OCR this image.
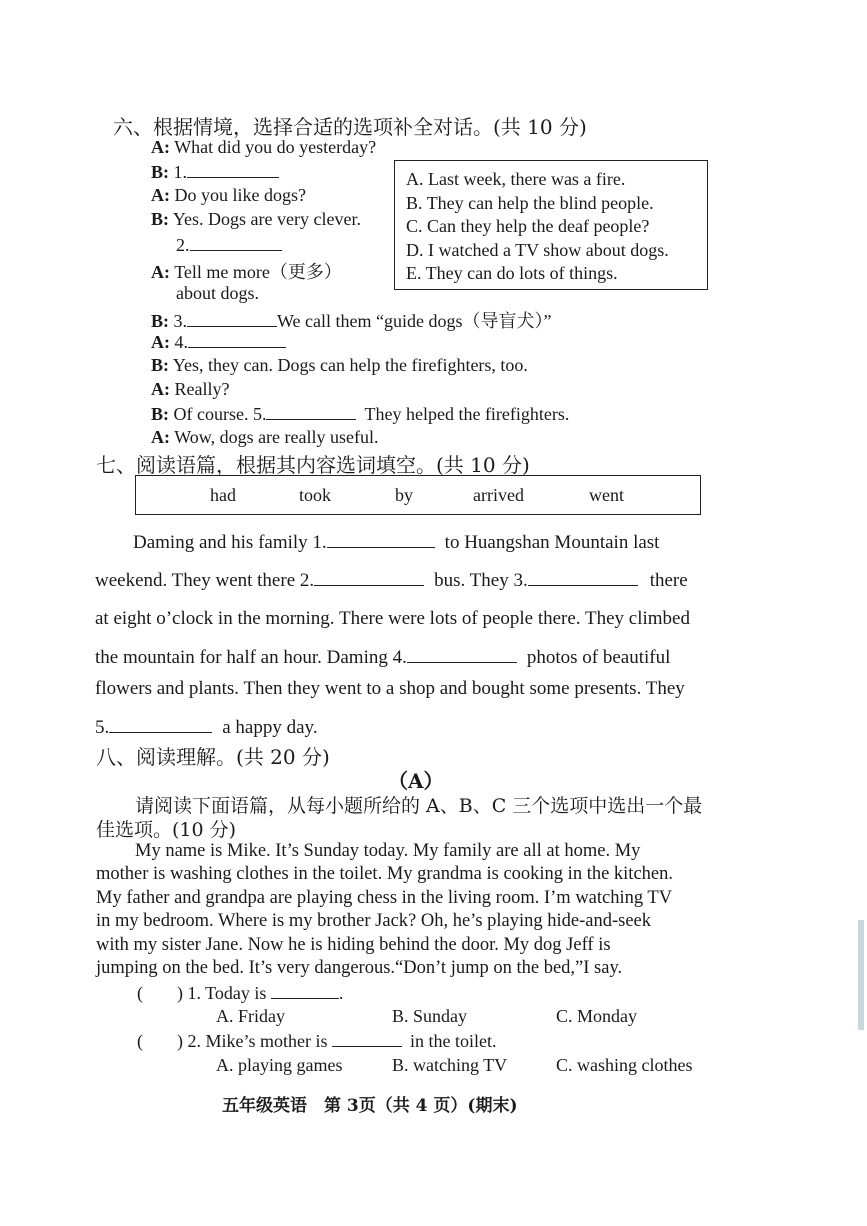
六、根据情境，选择合适的选项补全对话。(共 10 分)
A: What did you do yesterday?
B: 1.
A: Do you like dogs?
B: Yes. Dogs are very clever.
2.
A: Tell me more（更多）
about dogs.
B: 3.	We call them “guide dogs（导盲犬）”
A: 4.
B: Yes, they can. Dogs can help the firefighters, too.
A: Really?
B: Of course. 5.	They helped the firefighters.
A: Wow, dogs are really useful.
A. Last week, there was a fire.
B. They can help the blind people.
C. Can they help the deaf people?
D. I watched a TV show about dogs.
E. They can do lots of things.
七、阅读语篇，根据其内容选词填空。(共 10 分)
had	took	by	arrived	went
Daming and his family 1.	to Huangshan Mountain last
weekend. They went there 2.	bus. They 3.	there
at eight o’clock in the morning. There were lots of people there. They climbed
the mountain for half an hour. Daming 4.	photos of beautiful
flowers and plants. Then they went to a shop and bought some presents. They
5.	a happy day.
八、阅读理解。(共 20 分)
（A）
请阅读下面语篇，从每小题所给的 A、B、C 三个选项中选出一个最
佳选项。(10 分)
My name is Mike. It’s Sunday today. My family are all at home. My
mother is washing clothes in the toilet. My grandma is cooking in the kitchen.
My father and grandpa are playing chess in the living room. I’m watching TV
in my bedroom. Where is my brother Jack? Oh, he’s playing hide-and-seek
with my sister Jane. Now he is hiding behind the door. My dog Jeff is
jumping on the bed. It’s very dangerous.“Don’t jump on the bed,”I say.
( ) 1. Today is	.
A. Friday	B. Sunday	C. Monday
( ) 2. Mike’s mother is	in the toilet.
A. playing games	B. watching TV	C. washing clothes
五年级英语　第 3页（共 4 页）(期末)
